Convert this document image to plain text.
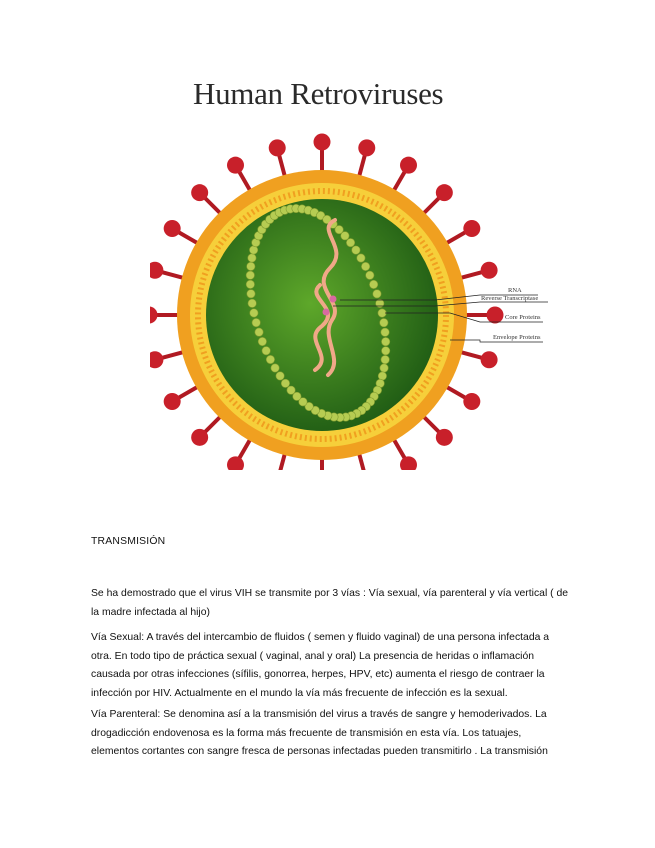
RNA
Reverse Transcriptase
Core Proteins
Envelope Proteins
Human Retroviruses
TRANSMISIÓN

Se ha demostrado que el virus VIH se transmite por 3 vías : Vía sexual, vía parenteral y vía vertical ( de la madre infectada al hijo)

Vía Sexual: A través del intercambio de fluidos ( semen y fluido vaginal) de una persona infectada a otra. En todo tipo de práctica sexual ( vaginal, anal y oral) La presencia de heridas o inflamación causada por otras infecciones (sífilis, gonorrea, herpes, HPV, etc) aumenta el riesgo de contraer la infección por HIV. Actualmente en el mundo la vía más frecuente de infección es la sexual.

Vía Parenteral: Se denomina así a la transmisión del virus a través de sangre y hemoderivados. La drogadicción endovenosa es la forma más frecuente de transmisión en esta vía. Los tatuajes, elementos cortantes con sangre fresca de personas infectadas pueden transmitirlo . La transmisión
